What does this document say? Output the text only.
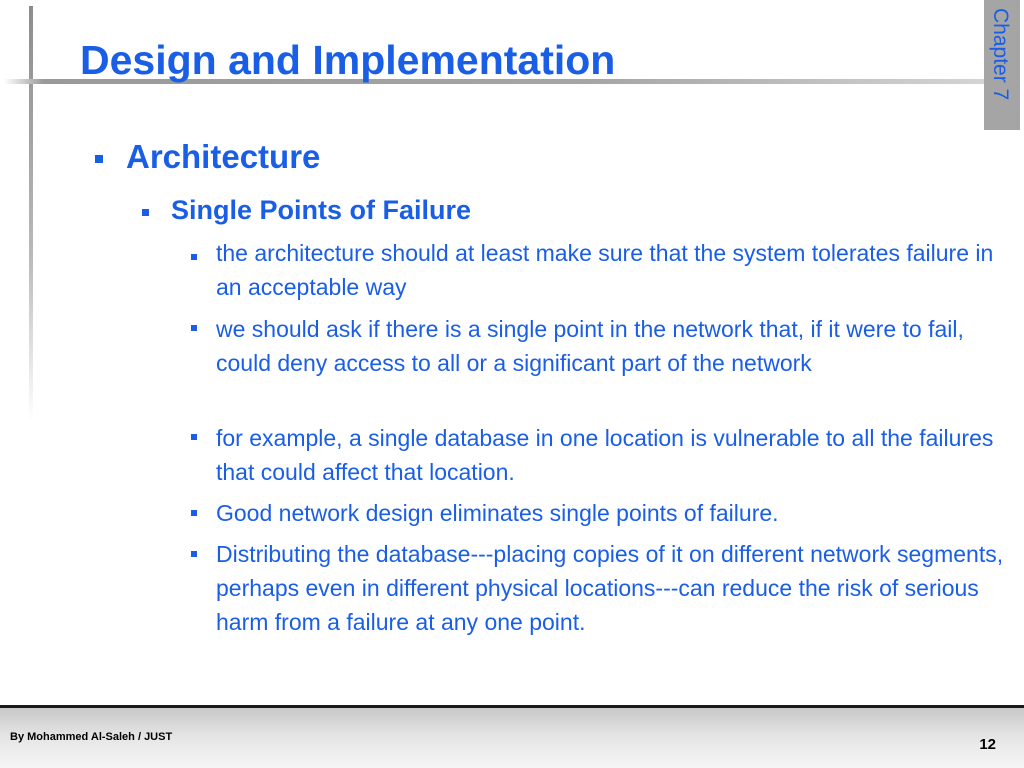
Design and Implementation	Chapter 7
Architecture
Single Points of Failure

the architecture should at least make sure that the system tolerates failure in an acceptable way

we should ask if there is a single point in the network that, if it were to fail, could deny access to all or a significant part of the network

for example, a single database in one location is vulnerable to all the failures that could affect that location.

Good network design eliminates single points of failure.

Distributing the database---placing copies of it on different network segments, perhaps even in different physical locations---can reduce the risk of serious harm from a failure at any one point.

By Mohammed Al-Saleh / JUST	12
